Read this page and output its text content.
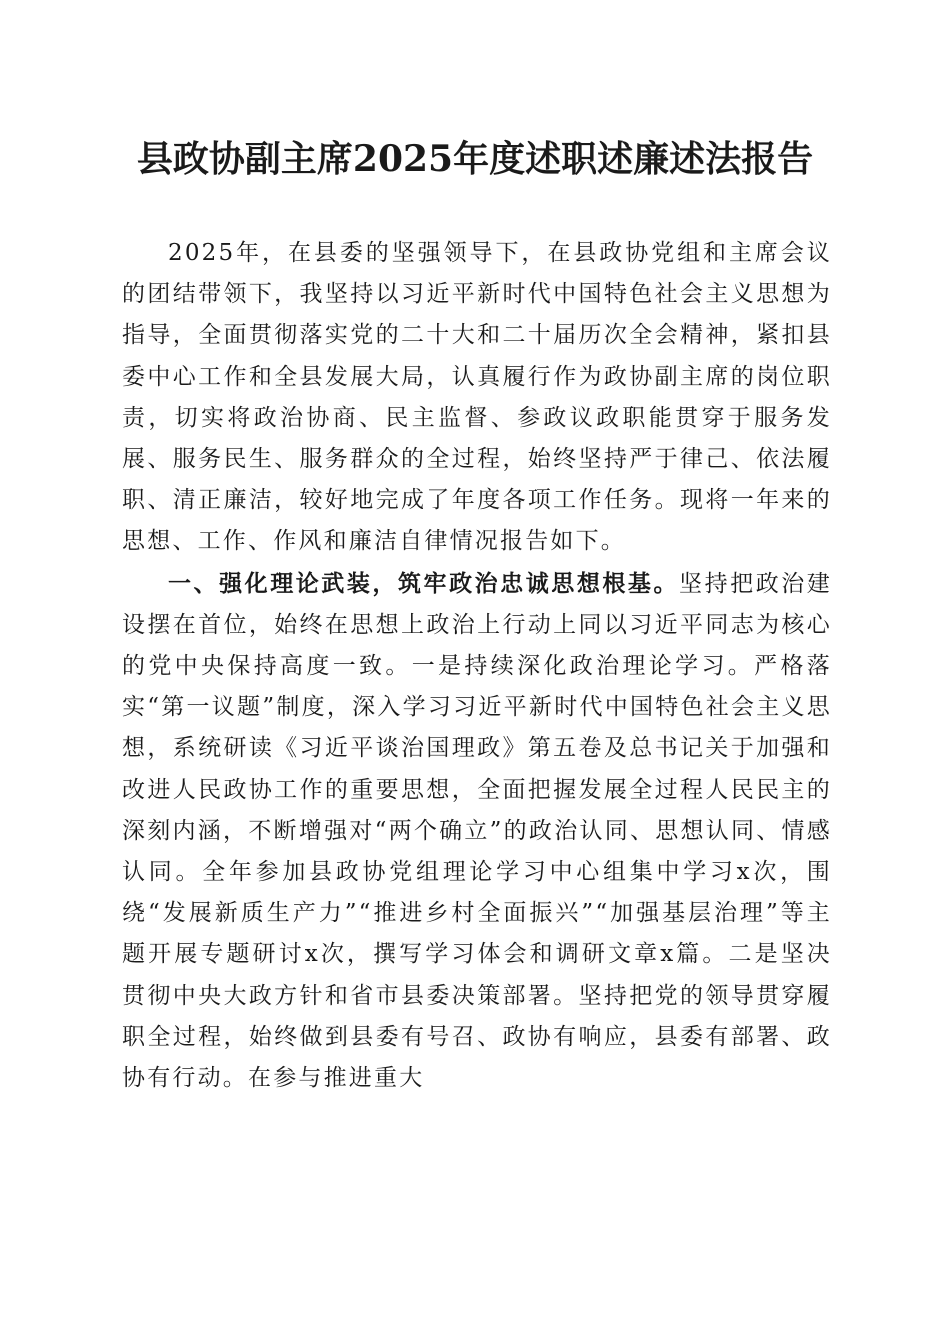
县政协副主席2025年度述职述廉述法报告

2025年，在县委的坚强领导下，在县政协党组和主席会议的团结带领下，我坚持以习近平新时代中国特色社会主义思想为指导，全面贯彻落实党的二十大和二十届历次全会精神，紧扣县委中心工作和全县发展大局，认真履行作为政协副主席的岗位职责，切实将政治协商、民主监督、参政议政职能贯穿于服务发展、服务民生、服务群众的全过程，始终坚持严于律己、依法履职、清正廉洁，较好地完成了年度各项工作任务。现将一年来的思想、工作、作风和廉洁自律情况报告如下。

一、强化理论武装，筑牢政治忠诚思想根基。坚持把政治建设摆在首位，始终在思想上政治上行动上同以习近平同志为核心的党中央保持高度一致。一是持续深化政治理论学习。严格落实“第一议题”制度，深入学习习近平新时代中国特色社会主义思想，系统研读《习近平谈治国理政》第五卷及总书记关于加强和改进人民政协工作的重要思想，全面把握发展全过程人民民主的深刻内涵，不断增强对“两个确立”的政治认同、思想认同、情感认同。全年参加县政协党组理论学习中心组集中学习x次，围绕“发展新质生产力”“推进乡村全面振兴”“加强基层治理”等主题开展专题研讨x次，撰写学习体会和调研文章x篇。二是坚决贯彻中央大政方针和省市县委决策部署。坚持把党的领导贯穿履职全过程，始终做到县委有号召、政协有响应，县委有部署、政协有行动。在参与推进重大
